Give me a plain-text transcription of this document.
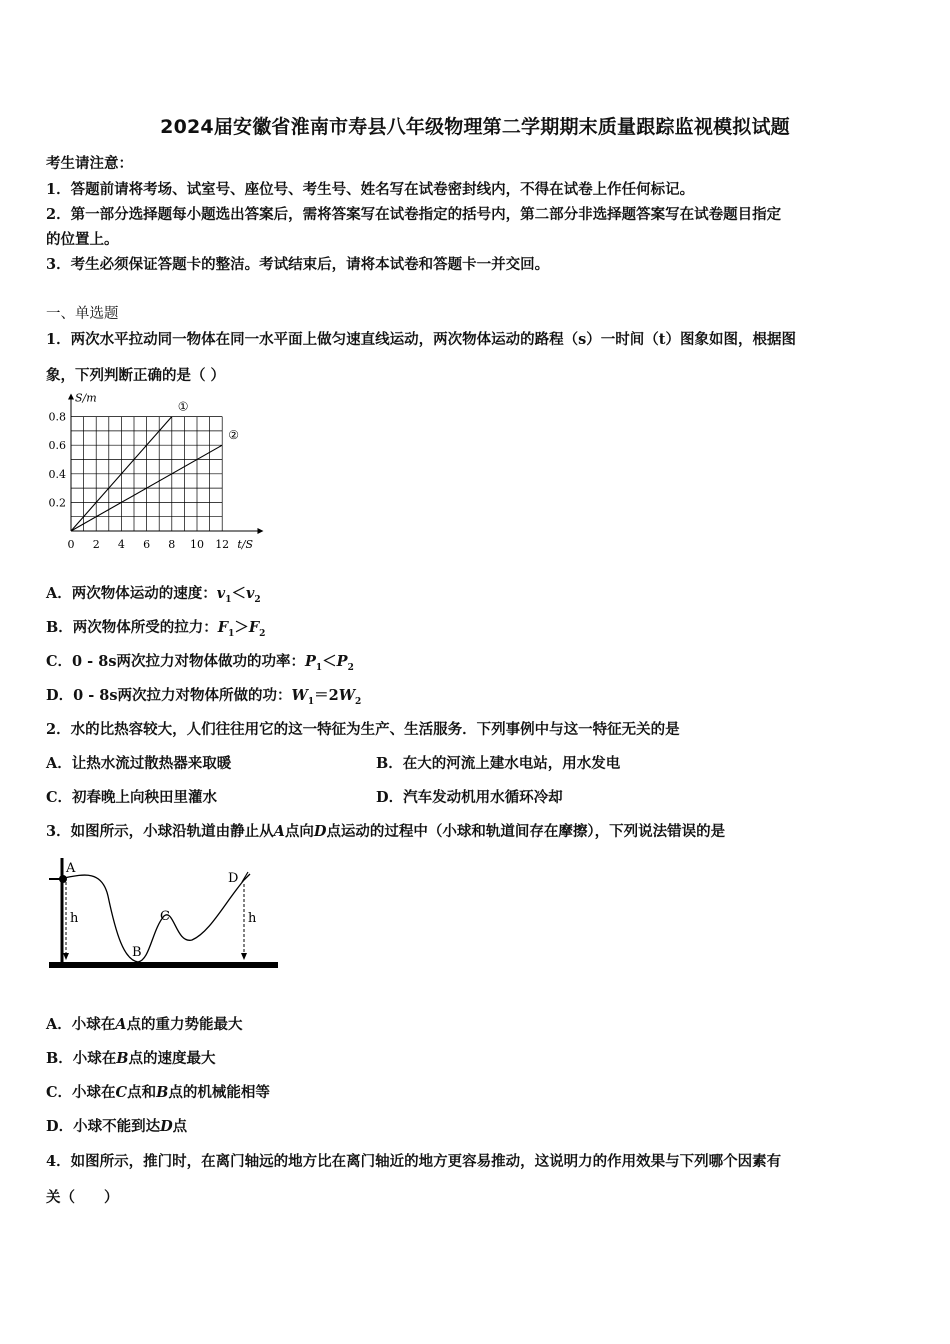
2024届安徽省淮南市寿县八年级物理第二学期期末质量跟踪监视模拟试题
考生请注意：
1．答题前请将考场、试室号、座位号、考生号、姓名写在试卷密封线内，不得在试卷上作任何标记。
2．第一部分选择题每小题选出答案后，需将答案写在试卷指定的括号内，第二部分非选择题答案写在试卷题目指定
的位置上。
3．考生必须保证答题卡的整洁。考试结束后，请将本试卷和答题卡一并交回。
一、单选题
1．两次水平拉动同一物体在同一水平面上做匀速直线运动，两次物体运动的路程（s）一时间（t）图象如图，根据图
象，下列判断正确的是（ ）
S/m
t/S
0 2 4 6 8 10 12
0.2
0.4
0.6
0.8
①
②
A．两次物体运动的速度：$v_1<v_2$
B．两次物体所受的拉力：$F_1>F_2$
C．0 - 8s两次拉力对物体做功的功率：$P_1<P_2$
D．0 - 8s两次拉力对物体所做的功：$W_1=2W_2$
2．水的比热容较大，人们往往用它的这一特征为生产、生活服务．下列事例中与这一特征无关的是
A．让热水流过散热器来取暖	B．在大的河流上建水电站，用水发电
C．初春晚上向秧田里灌水	D．汽车发动机用水循环冷却
3．如图所示，小球沿轨道由静止从A点向D点运动的过程中（小球和轨道间存在摩擦），下列说法错误的是
A
B
C
D
h	h
A．小球在A点的重力势能最大
B．小球在B点的速度最大
C．小球在C点和B点的机械能相等
D．小球不能到达D点
4．如图所示，推门时，在离门轴远的地方比在离门轴近的地方更容易推动，这说明力的作用效果与下列哪个因素有
关（　　）
